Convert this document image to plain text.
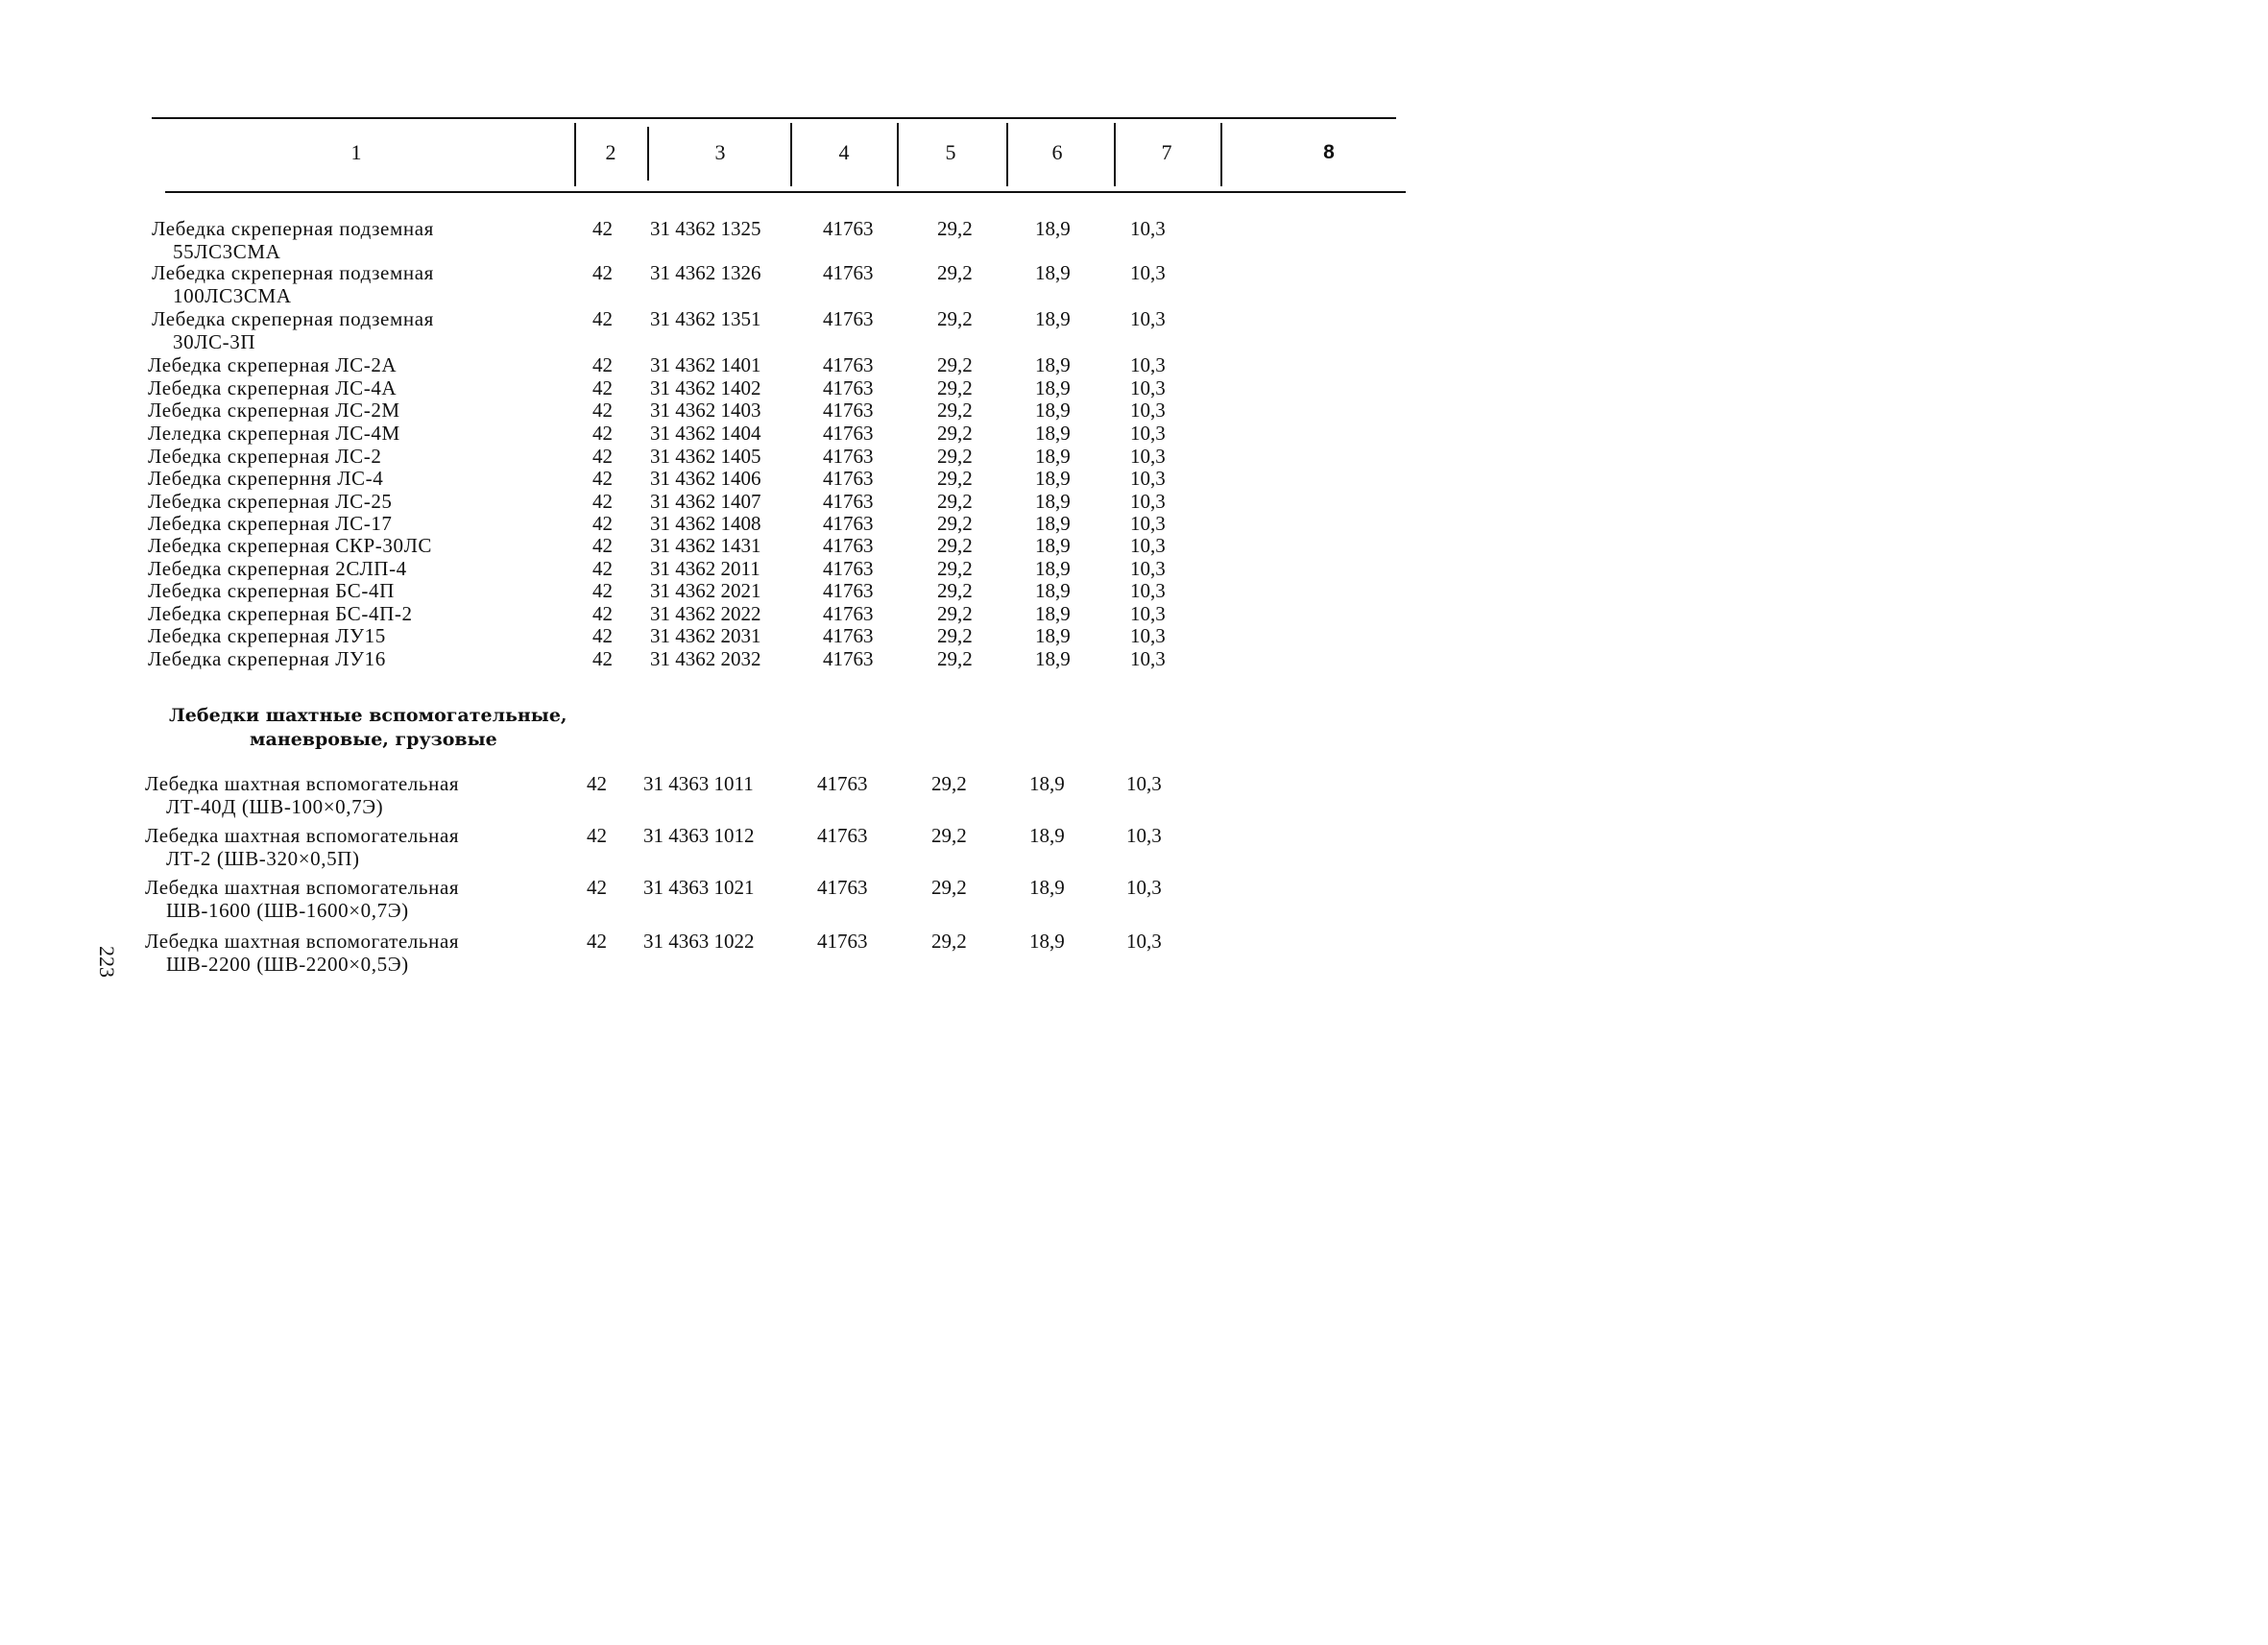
1	2	3	4	5	6	7	8
Лебедка скреперная подземная
55ЛС3СМА
42 31 4362 1325	41763	29,2	18,9	10,3
Лебедка скреперная подземная
100ЛС3СМА
42 31 4362 1326	41763	29,2	18,9	10,3
Лебедка скреперная подземная
30ЛС-3П
42 31 4362 1351	41763	29,2	18,9	10,3
Лебедка скреперная ЛС-2А	42 31 4362 1401	41763	29,2	18,9	10,3
Лебедка скреперная ЛС-4А	42 31 4362 1402	41763	29,2	18,9	10,3
Лебедка скреперная ЛС-2М	42 31 4362 1403	41763	29,2	18,9	10,3
Леледка скреперная ЛС-4М	42 31 4362 1404	41763	29,2	18,9	10,3
Лебедка скреперная ЛС-2	42 31 4362 1405	41763	29,2	18,9	10,3
Лебедка скреперння ЛС-4	42 31 4362 1406	41763	29,2	18,9	10,3
Лебедка скреперная ЛС-25	42 31 4362 1407	41763	29,2	18,9	10,3
Лебедка скреперная ЛС-17	42 31 4362 1408	41763	29,2	18,9	10,3
Лебедка скреперная СКР-30ЛС	42 31 4362 1431	41763	29,2	18,9	10,3
Лебедка скреперная 2СЛП-4	42 31 4362 2011	41763	29,2	18,9	10,3
Лебедка скреперная БС-4П	42 31 4362 2021	41763	29,2	18,9	10,3
Лебедка скреперная БС-4П-2	42 31 4362 2022	41763	29,2	18,9	10,3
Лебедка скреперная ЛУ15	42 31 4362 2031	41763	29,2	18,9	10,3
Лебедка скреперная ЛУ16	42 31 4362 2032	41763	29,2	18,9	10,3
Лебедки шахтные вспомогательные,
маневровые, грузовые
Лебедка шахтная вспомогательная
ЛТ-40Д (ШВ-100×0,7Э)
42 31 4363 1011	41763	29,2	18,9	10,3
Лебедка шахтная вспомогательная
ЛТ-2 (ШВ-320×0,5П)
42 31 4363 1012	41763	29,2	18,9	10,3
Лебедка шахтная вспомогательная
ШВ-1600 (ШВ-1600×0,7Э)
42 31 4363 1021	41763	29,2	18,9	10,3
Лебедка шахтная вспомогательная
ШВ-2200 (ШВ-2200×0,5Э)
42 31 4363 1022	41763	29,2	18,9	10,3
223
